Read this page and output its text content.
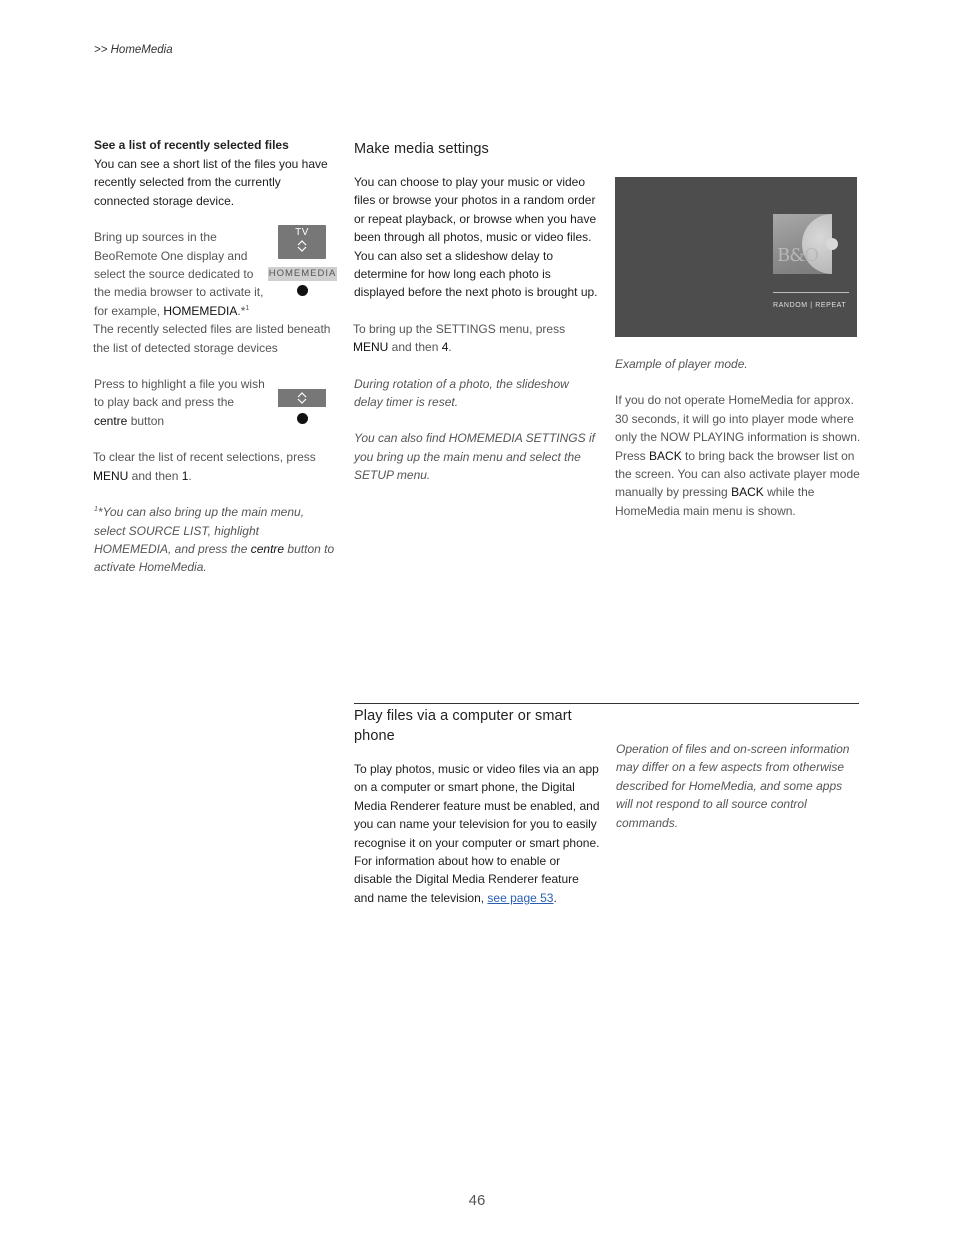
>> HomeMedia

See a list of recently selected files

You can see a short list of the files you have recently selected from the currently connected storage device.

Bring up sources in the
BeoRemote One display and
select the source dedicated to
the media browser to activate it,
for example, HOMEMEDIA.*$^1$

The recently selected files are listed beneath the list of detected storage devices

Press to highlight a file you wish to play back and press the centre button

To clear the list of recent selections, press MENU and then 1.

$^1$*You can also bring up the main menu, select SOURCE LIST, highlight HOMEMEDIA, and press the centre button to activate HomeMedia.

TV
HOMEMEDIA
Make media settings

You can choose to play your music or video files or browse your photos in a random order or repeat playback, or browse when you have been through all photos, music or video files. You can also set a slideshow delay to determine for how long each photo is displayed before the next photo is brought up.

To bring up the SETTINGS menu, press MENU and then 4.

During rotation of a photo, the slideshow delay timer is reset.

You can also find HOMEMEDIA SETTINGS if you bring up the main menu and select the SETUP menu.

B&O
RANDOM | REPEAT

Example of player mode.

If you do not operate HomeMedia for approx. 30 seconds, it will go into player mode where only the NOW PLAYING information is shown. Press BACK to bring back the browser list on the screen. You can also activate player mode manually by pressing BACK while the HomeMedia main menu is shown.

Play files via a computer or smart phone

To play photos, music or video files via an app on a computer or smart phone, the Digital Media Renderer feature must be enabled, and you can name your television for you to easily recognise it on your computer or smart phone. For information about how to enable or disable the Digital Media Renderer feature and name the television, see page 53.

Operation of files and on-screen information may differ on a few aspects from otherwise described for HomeMedia, and some apps will not respond to all source control commands.

46
